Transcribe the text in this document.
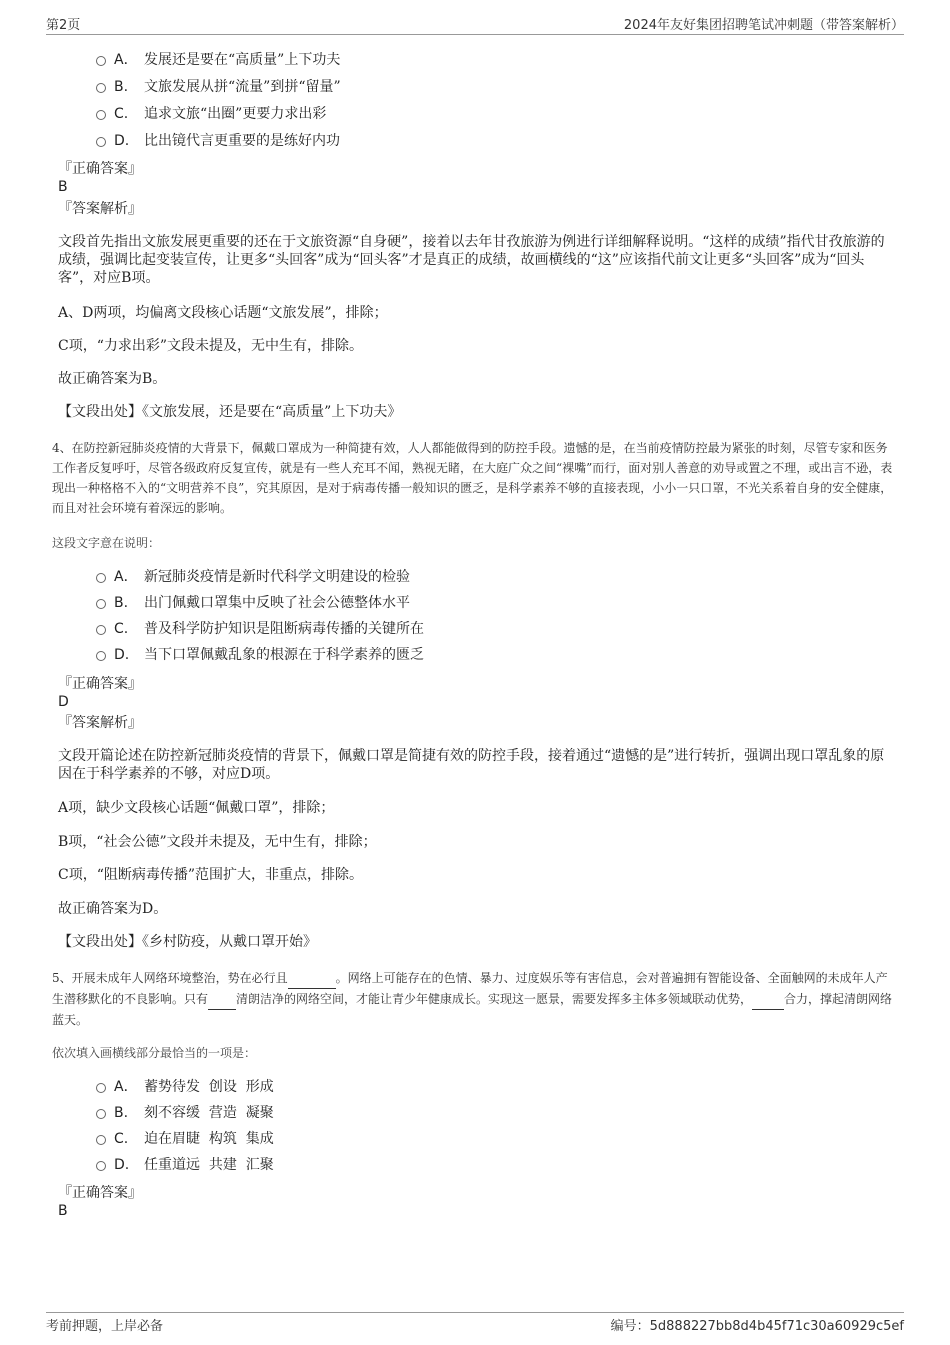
第2页	2024年友好集团招聘笔试冲刺题（带答案解析）
A． 发展还是要在“高质量”上下功夫
B. 文旅发展从拼“流量”到拼“留量”
C. 追求文旅“出圈”更要力求出彩
D. 比出镜代言更重要的是练好内功
『正确答案』
B
『答案解析』
文段首先指出文旅发展更重要的还在于文旅资源“自身硬”，接着以去年甘孜旅游为例进行详细解释说明。“这样的成绩”指代甘孜旅游的成绩，强调比起变装宣传，让更多“头回客”成为“回头客”才是真正的成绩，故画横线的“这”应该指代前文让更多“头回客”成为“回头客”，对应B项。
A、D两项，均偏离文段核心话题“文旅发展”，排除；
C项，“力求出彩”文段未提及，无中生有，排除。
故正确答案为B。
【文段出处】《文旅发展，还是要在“高质量”上下功夫》
4、在防控新冠肺炎疫情的大背景下，佩戴口罩成为一种简捷有效，人人都能做得到的防控手段。遗憾的是，在当前疫情防控最为紧张的时刻，尽管专家和医务工作者反复呼吁，尽管各级政府反复宣传，就是有一些人充耳不闻，熟视无睹，在大庭广众之间“裸嘴”而行，面对别人善意的劝导或置之不理，或出言不逊，表现出一种格格不入的“文明营养不良”，究其原因，是对于病毒传播一般知识的匮乏，是科学素养不够的直接表现，小小一只口罩，不光关系着自身的安全健康，而且对社会环境有着深远的影响。
这段文字意在说明：
A． 新冠肺炎疫情是新时代科学文明建设的检验
B. 出门佩戴口罩集中反映了社会公德整体水平
C. 普及科学防护知识是阻断病毒传播的关键所在
D. 当下口罩佩戴乱象的根源在于科学素养的匮乏
『正确答案』
D
『答案解析』
文段开篇论述在防控新冠肺炎疫情的背景下，佩戴口罩是简捷有效的防控手段，接着通过“遗憾的是”进行转折，强调出现口罩乱象的原因在于科学素养的不够，对应D项。
A项，缺少文段核心话题“佩戴口罩”，排除；
B项，“社会公德”文段并未提及，无中生有，排除；
C项，“阻断病毒传播”范围扩大，非重点，排除。
故正确答案为D。
【文段出处】《乡村防疫，从戴口罩开始》
5、开展未成年人网络环境整治，势在必行且	。网络上可能存在的色情、暴力、过度娱乐等有害信息，会对普遍拥有智能设备、全面触网的未成年人产生潜移默化的不良影响。只有 清朗洁净的网络空间，才能让青少年健康成长。实现这一愿景，需要发挥多主体多领域联动优势，	合力，撑起清朗网络蓝天。
依次填入画横线部分最恰当的一项是：
A． 蓄势待发  创设  形成
B. 刻不容缓  营造  凝聚
C. 迫在眉睫  构筑  集成
D. 任重道远  共建  汇聚
『正确答案』
B
考前押题，上岸必备	编号：5d888227bb8d4b45f71c30a60929c5ef
